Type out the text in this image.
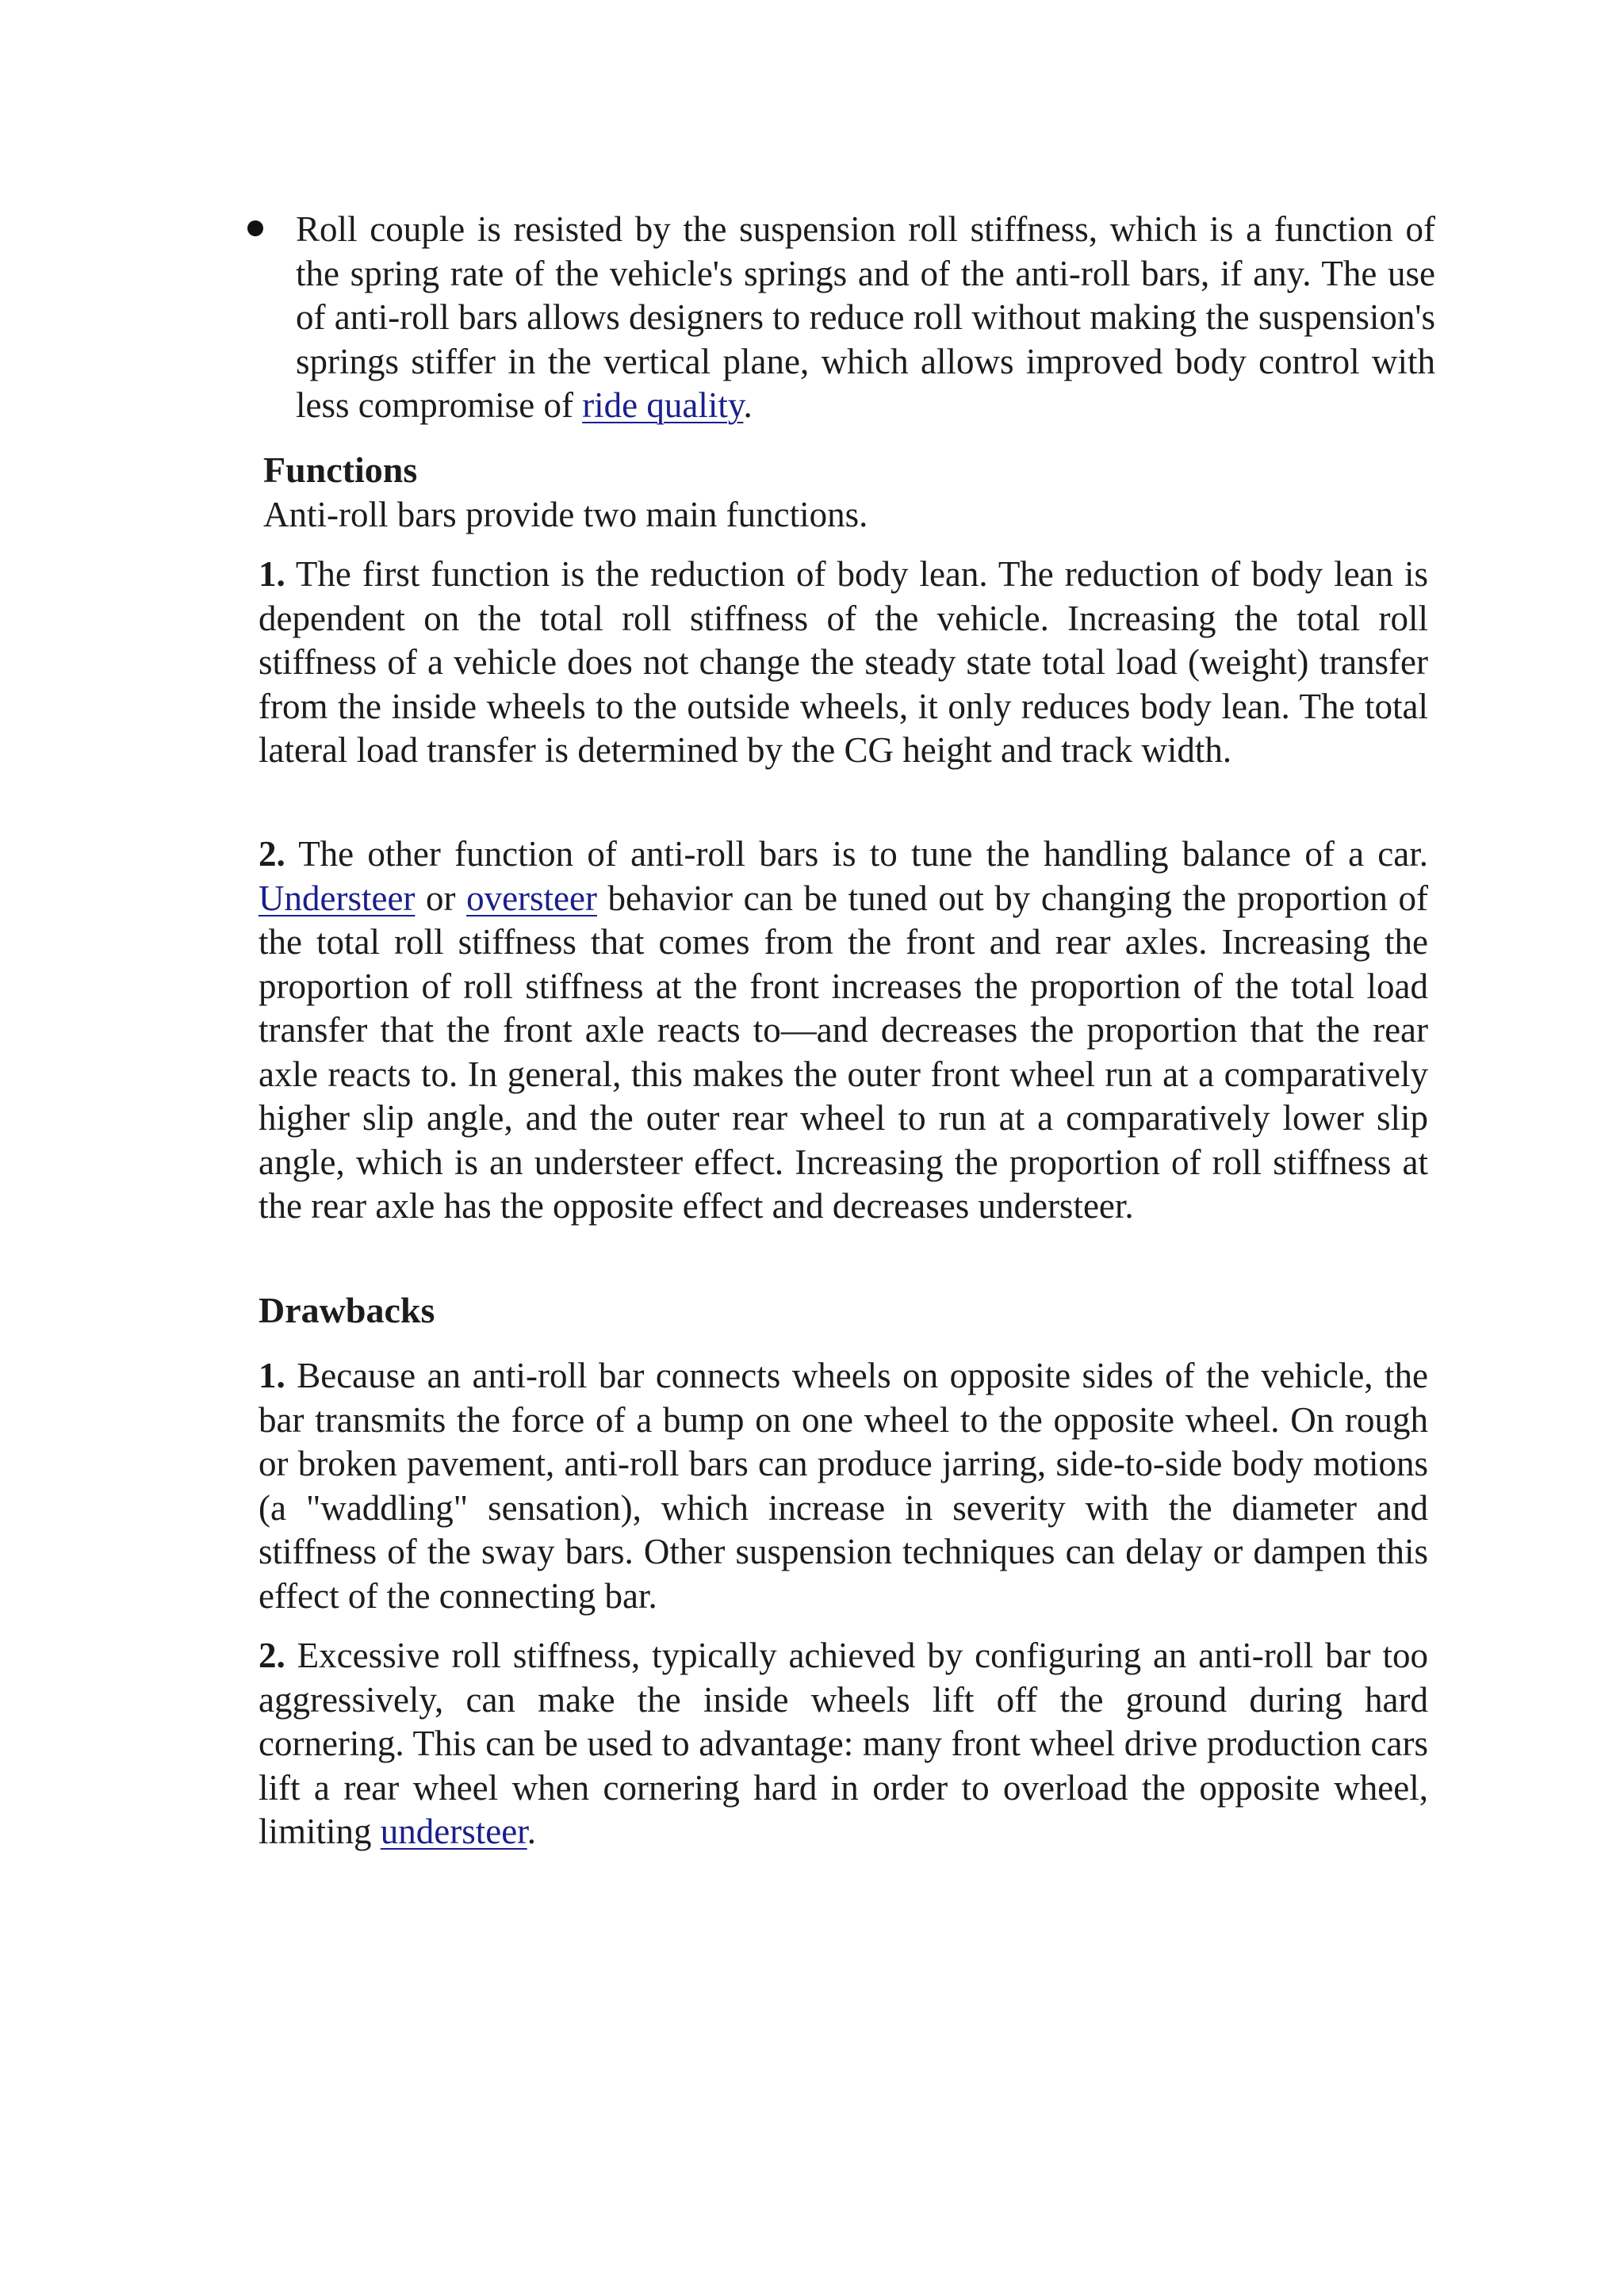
Roll couple is resisted by the suspension roll stiffness, which is a function of the spring rate of the vehicle's springs and of the anti-roll bars, if any. The use of anti-roll bars allows designers to reduce roll without making the suspension's springs stiffer in the vertical plane, which allows improved body control with less compromise of ride quality.

Functions

Anti-roll bars provide two main functions.

1. The first function is the reduction of body lean. The reduction of body lean is dependent on the total roll stiffness of the vehicle. Increasing the total roll stiffness of a vehicle does not change the steady state total load (weight) transfer from the inside wheels to the outside wheels, it only reduces body lean. The total lateral load transfer is determined by the CG height and track width.

2. The other function of anti-roll bars is to tune the handling balance of a car. Understeer or oversteer behavior can be tuned out by changing the proportion of the total roll stiffness that comes from the front and rear axles. Increasing the proportion of roll stiffness at the front increases the proportion of the total load transfer that the front axle reacts to—and decreases the proportion that the rear axle reacts to. In general, this makes the outer front wheel run at a comparatively higher slip angle, and the outer rear wheel to run at a comparatively lower slip angle, which is an understeer effect. Increasing the proportion of roll stiffness at the rear axle has the opposite effect and decreases understeer.

Drawbacks

1. Because an anti-roll bar connects wheels on opposite sides of the vehicle, the bar transmits the force of a bump on one wheel to the opposite wheel. On rough or broken pavement, anti-roll bars can produce jarring, side-to-side body motions (a "waddling" sensation), which increase in severity with the diameter and stiffness of the sway bars. Other suspension techniques can delay or dampen this effect of the connecting bar.

2. Excessive roll stiffness, typically achieved by configuring an anti-roll bar too aggressively, can make the inside wheels lift off the ground during hard cornering. This can be used to advantage: many front wheel drive production cars lift a rear wheel when cornering hard in order to overload the opposite wheel, limiting understeer.
